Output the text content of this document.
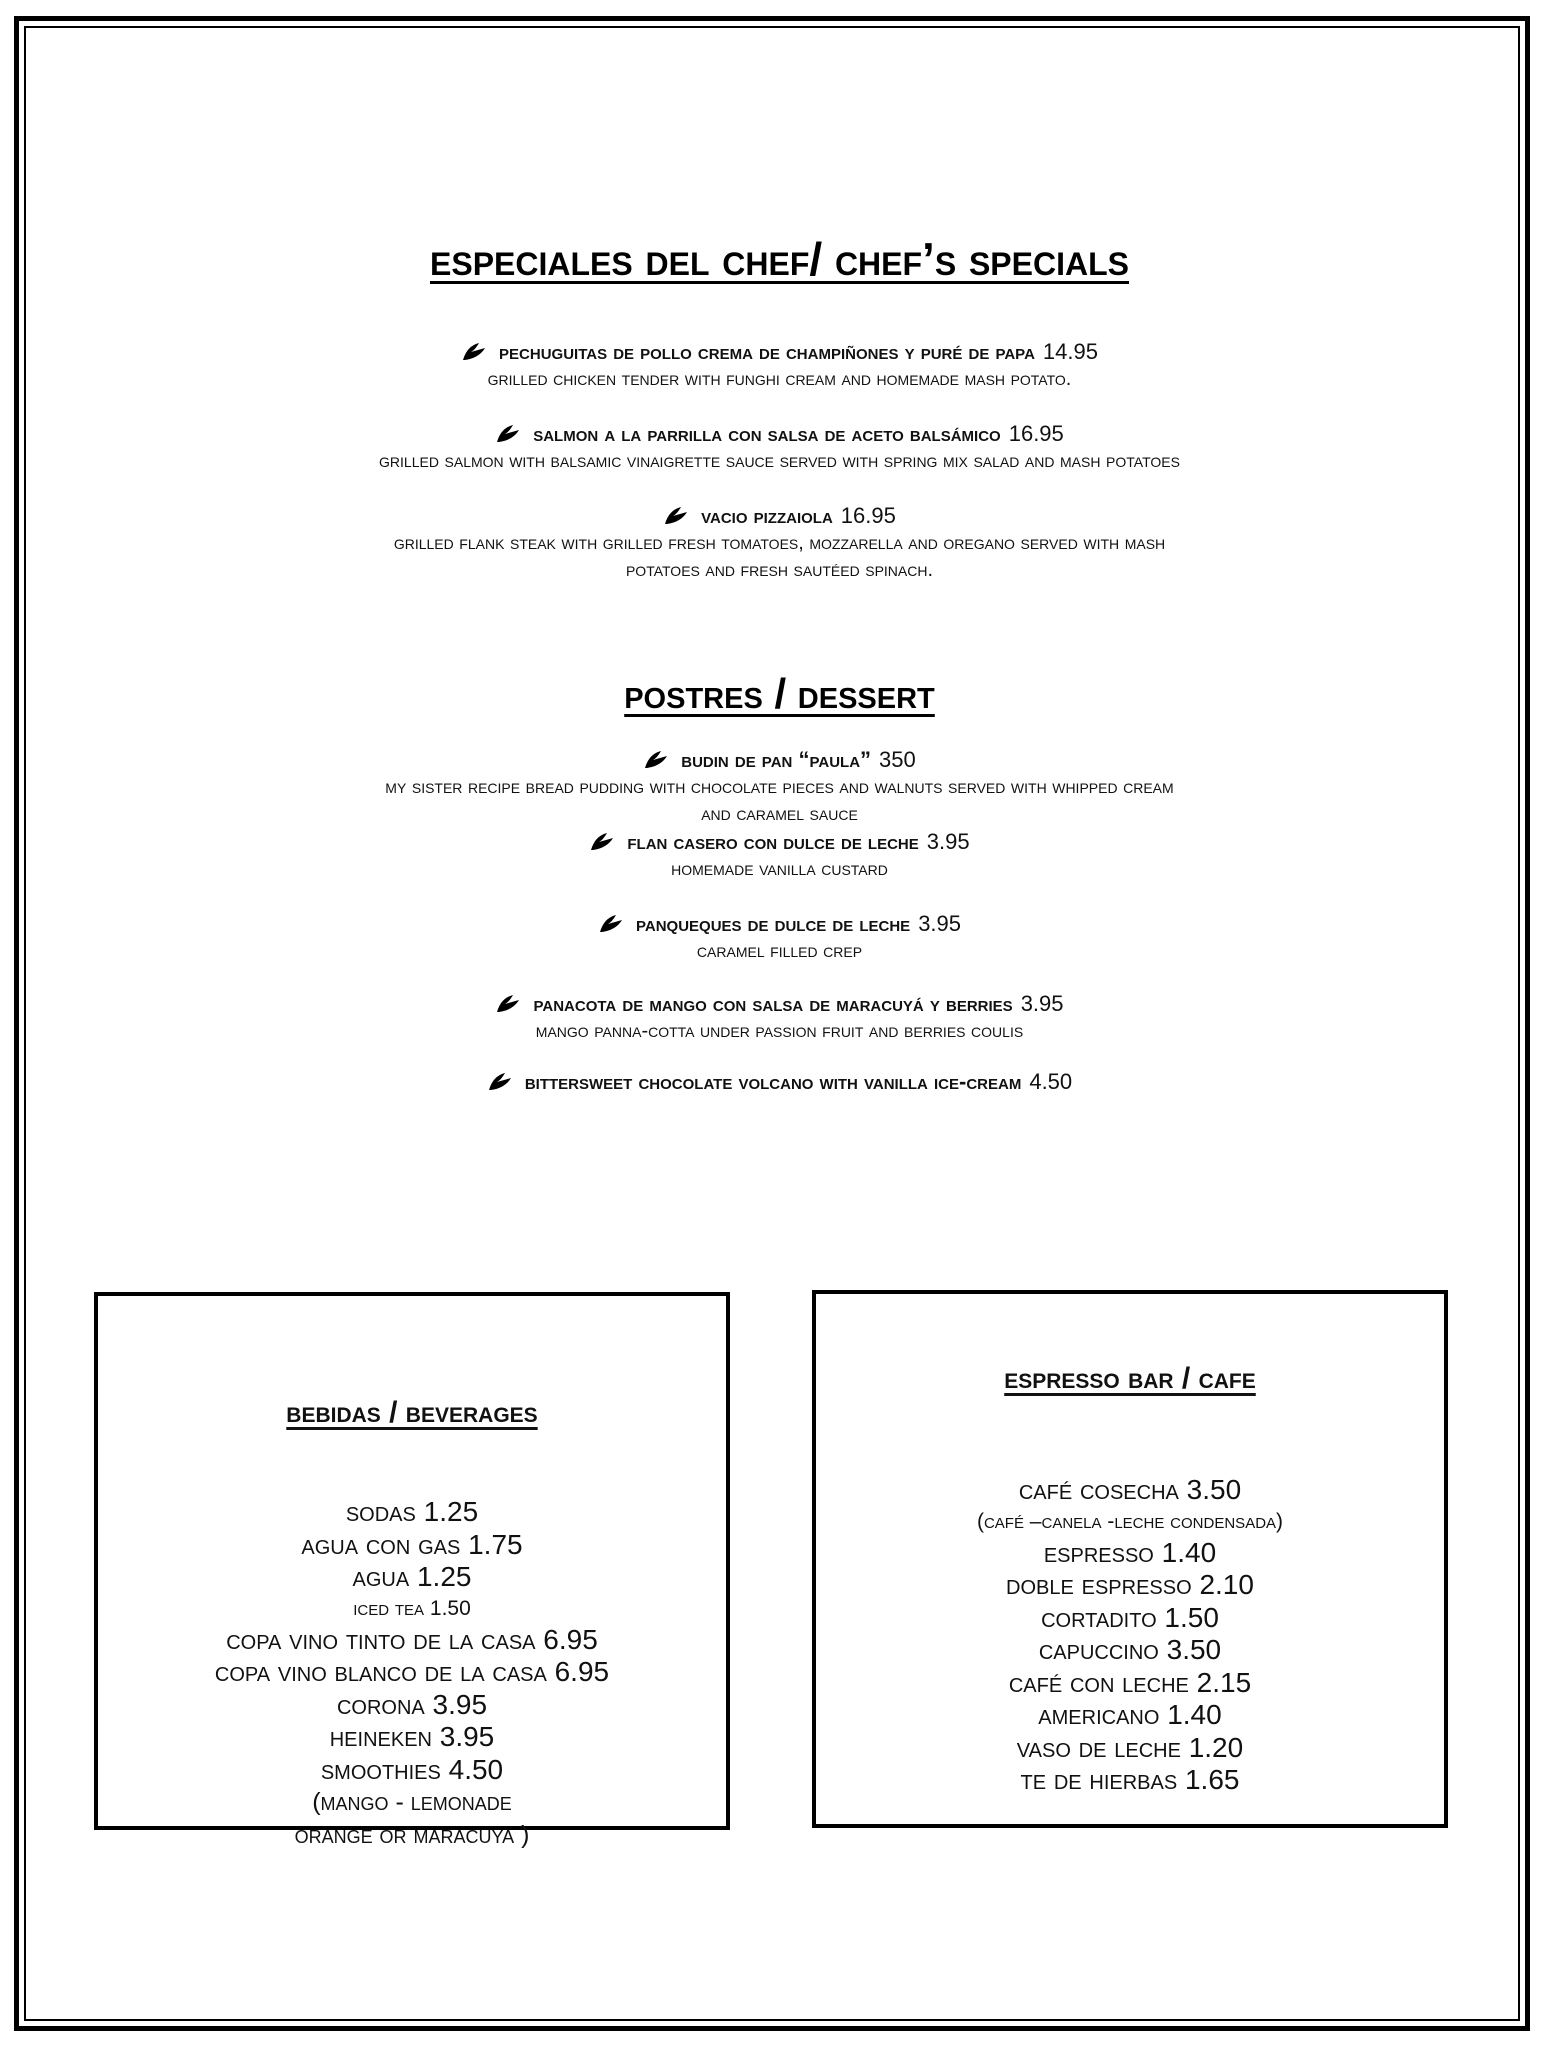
especiales del chef/ chef’s specials
pechuguitas de pollo crema de champiñones y puré de papa 14.95
grilled chicken tender with funghi cream and homemade mash potato.
salmon a la parrilla con salsa de aceto balsámico 16.95
grilled salmon with balsamic vinaigrette sauce served with spring mix salad and mash potatoes
vacio pizzaiola 16.95
grilled flank steak with grilled fresh tomatoes, mozzarella and oregano served with mash
potatoes and fresh sautéed spinach.
postres / dessert
budin de pan “paula” 350
my sister recipe bread pudding with chocolate pieces and walnuts served with whipped cream
and caramel sauce
flan casero con dulce de leche 3.95
homemade vanilla custard
panqueques de dulce de leche 3.95
caramel filled crep
panacota de mango con salsa de maracuyá y berries 3.95
mango panna-cotta under passion fruit and berries coulis
bittersweet chocolate volcano with vanilla ice-cream 4.50
bebidas / beverages
sodas 1.25
agua con gas 1.75
agua 1.25
iced tea 1.50
copa vino tinto de la casa 6.95
copa vino blanco de la casa 6.95
corona 3.95
heineken 3.95
smoothies 4.50
(mango - lemonade
orange or maracuya )
espresso bar / cafe
café cosecha 3.50
(café –canela -leche condensada)
espresso 1.40
doble espresso 2.10
cortadito 1.50
capuccino 3.50
café con leche 2.15
americano 1.40
vaso de leche 1.20
te de hierbas 1.65
